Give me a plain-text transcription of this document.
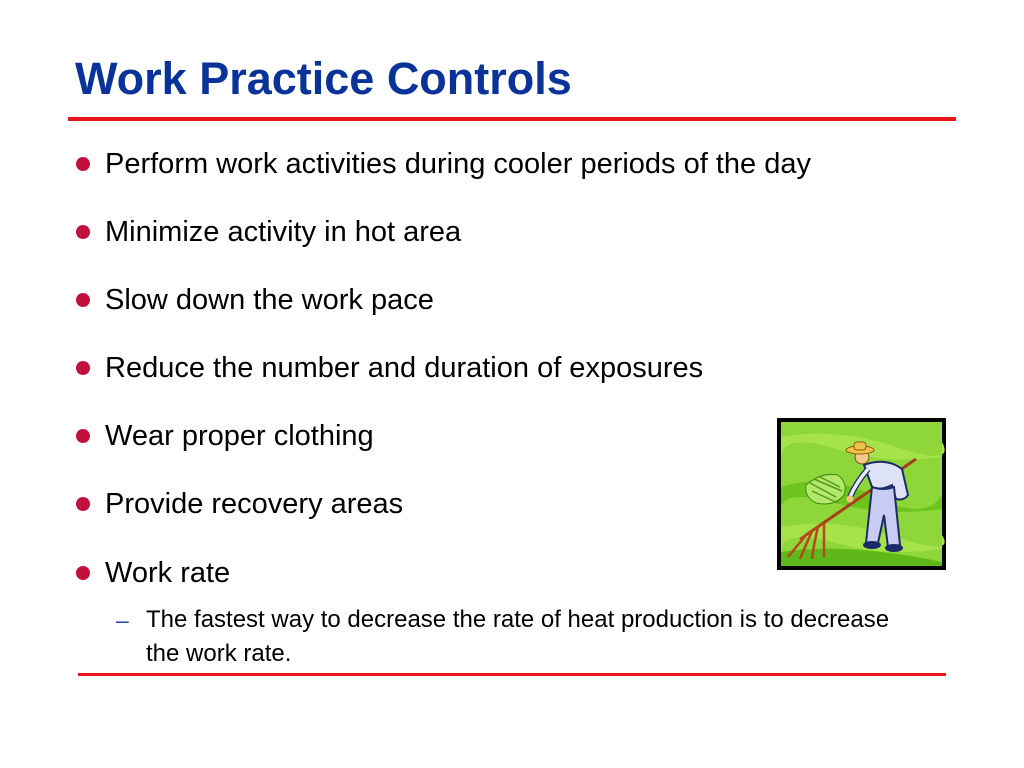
Work Practice Controls
Perform work activities during cooler periods of the day
Minimize activity in hot area
Slow down the work pace
Reduce the number and duration of exposures
Wear proper clothing
Provide recovery areas
Work rate
– The fastest way to decrease the rate of heat production is to decrease the work rate.
